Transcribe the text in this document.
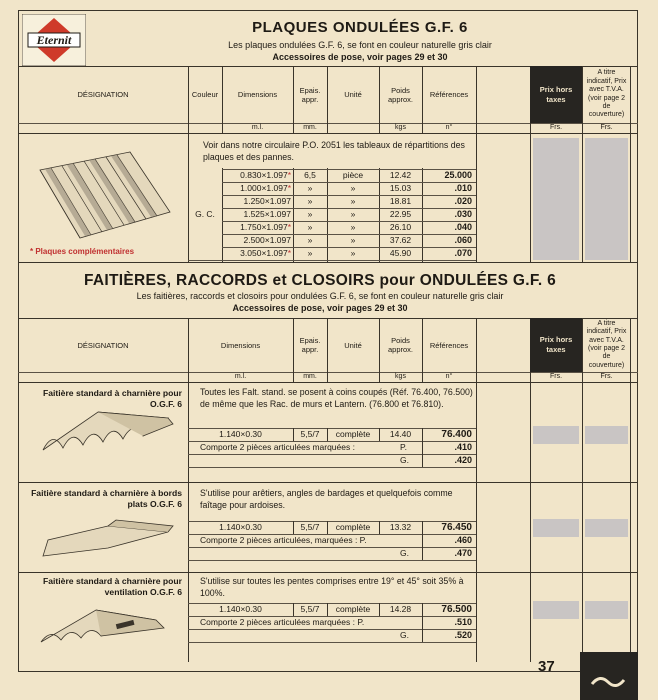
Eternit
PLAQUES ONDULÉES G.F. 6
Les plaques ondulées G.F. 6, se font en couleur naturelle gris clair
Accessoires de pose, voir pages 29 et 30
DÉSIGNATION	Couleur	Dimensions	Epais. appr.	Unité	Poids approx.	Références
Prix hors taxes
A titre indicatif, Prix avec T.V.A. (voir page 2 de couverture)
m.l.	mm.	kgs	n°	Frs.	Frs.
* Plaques complémentaires
Voir dans notre circulaire P.O. 2051 les tableaux de répartitions des plaques et des pannes.
G. C.
0.830×1.097*	6,5	pièce	12.42	25.000
1.000×1.097*	»	»	15.03	.010
1.250×1.097	»	»	18.81	.020
1.525×1.097	»	»	22.95	.030
1.750×1.097*	»	»	26.10	.040
2.500×1.097	»	»	37.62	.060
3.050×1.097*	»	»	45.90	.070
FAITIÈRES, RACCORDS et CLOSOIRS pour ONDULÉES G.F. 6
Les faitières, raccords et closoirs pour ondulées G.F. 6, se font en couleur naturelle gris clair
Accessoires de pose, voir pages 29 et 30
DÉSIGNATION	Dimensions	Epais. appr.	Unité	Poids approx.	Références
Prix hors taxes
A titre indicatif, Prix avec T.V.A. (voir page 2 de couverture)
m.l.	mm.	kgs	n°	Frs.	Frs.
Faitière standard à charnière pour O.G.F. 6
Toutes les Falt. stand. se posent à coins coupés (Réf. 76.400, 76.500) de même que les Rac. de murs et Lantern. (76.800 et 76.810).
1.140×0.30	5,5/7	complète	14.40	76.400
Comporte 2 pièces articulées marquées :	P.	.410
G.	.420
Faitière standard à charnière à bords plats O.G.F. 6
S'utilise pour arêtiers, angles de bardages et quelquefois comme faîtage pour ardoises.
1.140×0.30	5,5/7	complète	13.32	76.450
Comporte 2 pièces articulées, marquées : P.	.460
G.	.470
Faitière standard à charnière pour ventilation O.G.F. 6
S'utilise sur toutes les pentes comprises entre 19° et 45° soit 35% à 100%.
1.140×0.30	5,5/7	complète	14.28	76.500
Comporte 2 pièces articulées marquées : P.	.510
G.	.520
37
